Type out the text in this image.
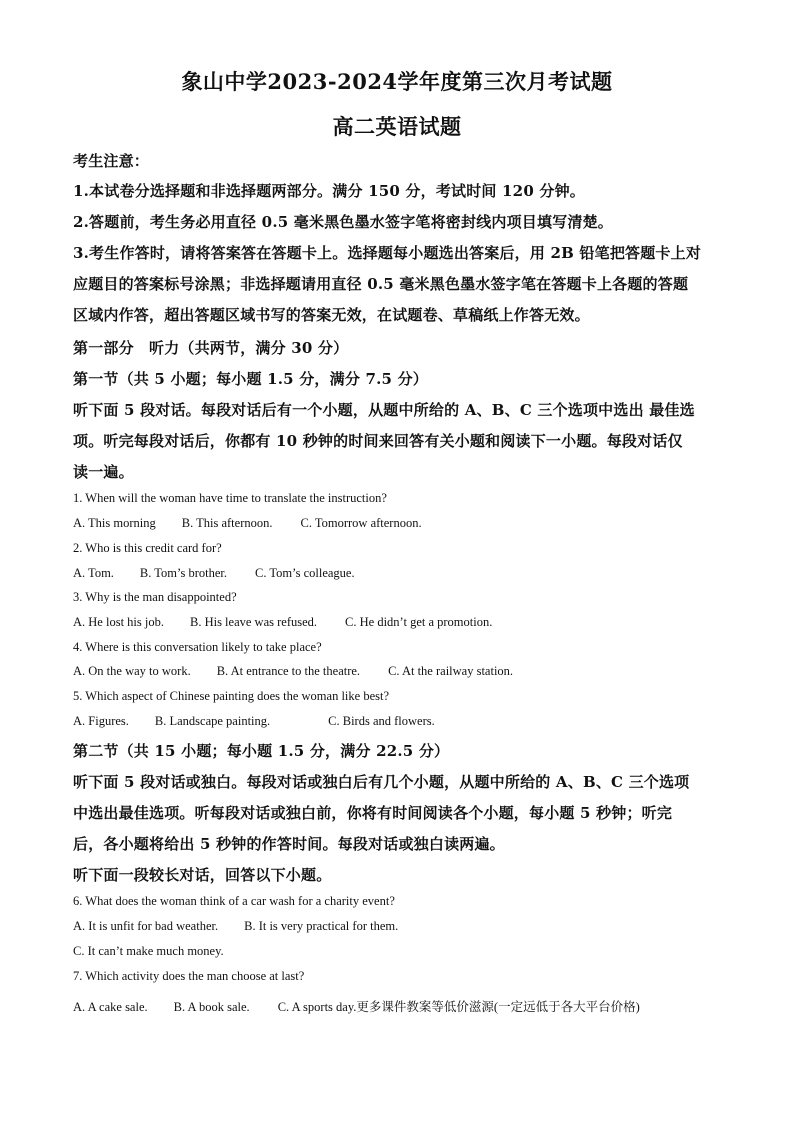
象山中学2023-2024学年度第三次月考试题
高二英语试题
考生注意：
1.本试卷分选择题和非选择题两部分。满分 150 分，考试时间 120 分钟。
2.答题前，考生务必用直径 0.5 毫米黑色墨水签字笔将密封线内项目填写清楚。
3.考生作答时，请将答案答在答题卡上。选择题每小题选出答案后，用 2B 铅笔把答题卡上对
应题目的答案标号涂黑；非选择题请用直径 0.5 毫米黑色墨水签字笔在答题卡上各题的答题
区域内作答，超出答题区域书写的答案无效，在试题卷、草稿纸上作答无效。
第一部分　听力（共两节，满分 30 分）
第一节（共 5 小题；每小题 1.5 分，满分 7.5 分）
听下面 5 段对话。每段对话后有一个小题，从题中所给的 A、B、C 三个选项中选出 最佳选
项。听完每段对话后，你都有 10 秒钟的时间来回答有关小题和阅读下一小题。每段对话仅
读一遍。
1. When will the woman have time to translate the instruction?
A. This morning B. This afternoon. C. Tomorrow afternoon.
2. Who is this credit card for?
A. Tom. B. Tom’s brother. C. Tom’s colleague.
3. Why is the man disappointed?
A. He lost his job. B. His leave was refused. C. He didn’t get a promotion.
4. Where is this conversation likely to take place?
A. On the way to work. B. At entrance to the theatre. C. At the railway station.
5. Which aspect of Chinese painting does the woman like best?
A. Figures. B. Landscape painting.	C. Birds and flowers.
第二节（共 15 小题；每小题 1.5 分，满分 22.5 分）
听下面 5 段对话或独白。每段对话或独白后有几个小题，从题中所给的 A、B、C 三个选项
中选出最佳选项。听每段对话或独白前，你将有时间阅读各个小题，每小题 5 秒钟；听完
后，各小题将给出 5 秒钟的作答时间。每段对话或独白读两遍。
听下面一段较长对话，回答以下小题。
6. What does the woman think of a car wash for a charity event?
A. It is unfit for bad weather. B. It is very practical for them.
C. It can’t make much money.
7. Which activity does the man choose at last?
A. A cake sale. B. A book sale. C. A sports day.更多课件教案等低价滋源(一定远低于各大平台价格)
